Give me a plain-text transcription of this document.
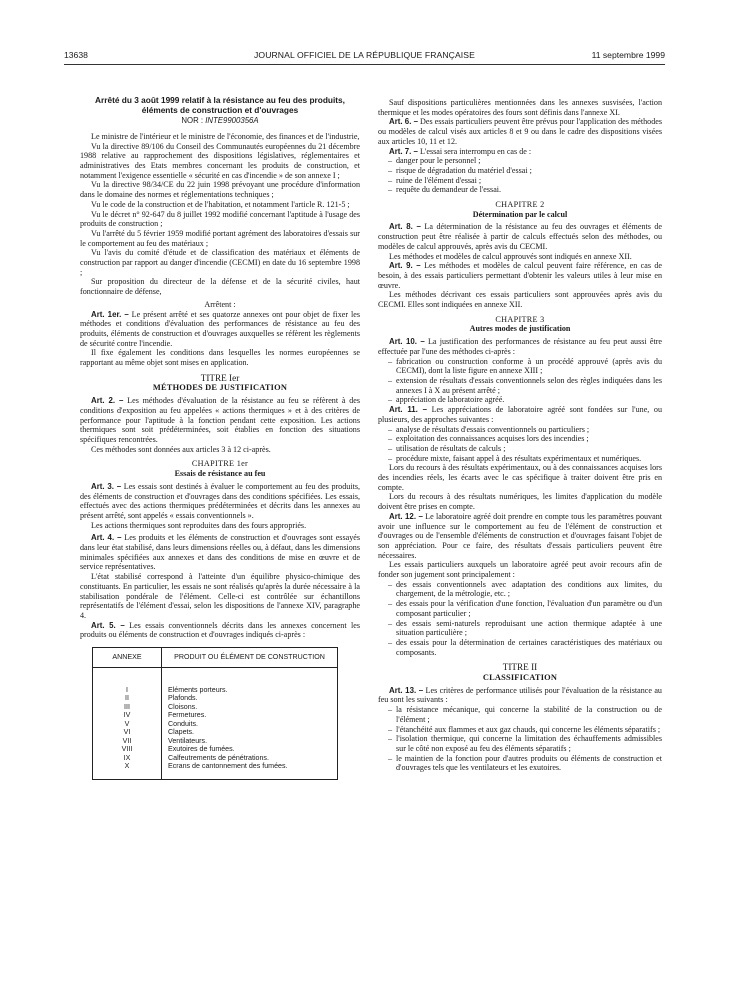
13638	JOURNAL OFFICIEL DE LA RÉPUBLIQUE FRANÇAISE	11 septembre 1999
Arrêté du 3 août 1999 relatif à la résistance au feu des produits, éléments de construction et d'ouvrages
NOR : INTE9900356A

Le ministre de l'intérieur et le ministre de l'économie, des finances et de l'industrie,

Vu la directive 89/106 du Conseil des Communautés européennes du 21 décembre 1988 relative au rapprochement des dispositions législatives, réglementaires et administratives des Etats membres concernant les produits de construction, et notamment l'exigence essentielle « sécurité en cas d'incendie » de son annexe I ;

Vu la directive 98/34/CE du 22 juin 1998 prévoyant une procédure d'information dans le domaine des normes et réglementations techniques ;

Vu le code de la construction et de l'habitation, et notamment l'article R. 121-5 ;

Vu le décret n° 92-647 du 8 juillet 1992 modifié concernant l'aptitude à l'usage des produits de construction ;

Vu l'arrêté du 5 février 1959 modifié portant agrément des laboratoires d'essais sur le comportement au feu des matériaux ;

Vu l'avis du comité d'étude et de classification des matériaux et éléments de construction par rapport au danger d'incendie (CECMI) en date du 16 septembre 1998 ;

Sur proposition du directeur de la défense et de la sécurité civiles, haut fonctionnaire de défense,

Arrêtent :

Art. 1er. – Le présent arrêté et ses quatorze annexes ont pour objet de fixer les méthodes et conditions d'évaluation des performances de résistance au feu des produits, éléments de construction et d'ouvrages auxquelles se réfèrent les règlements de sécurité contre l'incendie.

Il fixe également les conditions dans lesquelles les normes européennes se rapportant au même objet sont mises en application.

TITRE Ier
MÉTHODES DE JUSTIFICATION

Art. 2. – Les méthodes d'évaluation de la résistance au feu se réfèrent à des conditions d'exposition au feu appelées « actions thermiques » et à des critères de performance pour l'aptitude à la fonction pendant cette exposition. Les actions thermiques sont soit prédéterminées, soit établies en fonction des situations spécifiques rencontrées.

Ces méthodes sont données aux articles 3 à 12 ci-après.

CHAPITRE 1er
Essais de résistance au feu

Art. 3. – Les essais sont destinés à évaluer le comportement au feu des produits, des éléments de construction et d'ouvrages dans des conditions spécifiées. Les essais, effectués avec des actions thermiques prédéterminées et décrits dans les annexes au présent arrêté, sont appelés « essais conventionnels ».

Les actions thermiques sont reproduites dans des fours appropriés.

Art. 4. – Les produits et les éléments de construction et d'ouvrages sont essayés dans leur état stabilisé, dans leurs dimensions réelles ou, à défaut, dans les dimensions minimales spécifiées aux annexes et dans des conditions de mise en œuvre et de service représentatives.

L'état stabilisé correspond à l'atteinte d'un équilibre physico-chimique des constituants. En particulier, les essais ne sont réalisés qu'après la durée nécessaire à la stabilisation pondérale de l'élément. Celle-ci est contrôlée sur échantillons représentatifs de l'élément d'essai, selon les dispositions de l'annexe XIV, paragraphe 4.

Art. 5. – Les essais conventionnels décrits dans les annexes concernent les produits ou éléments de construction et d'ouvrages indiqués ci-après :

ANNEXE	PRODUIT OU ÉLÉMENT DE CONSTRUCTION
I	Eléments porteurs.
II	Plafonds.
III	Cloisons.
IV	Fermetures.
V	Conduits.
VI	Clapets.
VII	Ventilateurs.
VIII	Exutoires de fumées.
IX	Calfeutrements de pénétrations.
X	Ecrans de cantonnement des fumées.

Sauf dispositions particulières mentionnées dans les annexes susvisées, l'action thermique et les modes opératoires des fours sont définis dans l'annexe XI.

Art. 6. – Des essais particuliers peuvent être prévus pour l'application des méthodes ou modèles de calcul visés aux articles 8 et 9 ou dans le cadre des dispositions visées aux articles 10, 11 et 12.

Art. 7. – L'essai sera interrompu en cas de :

– danger pour le personnel ;
– risque de dégradation du matériel d'essai ;
– ruine de l'élément d'essai ;
– requête du demandeur de l'essai.
CHAPITRE 2
Détermination par le calcul

Art. 8. – La détermination de la résistance au feu des ouvrages et éléments de construction peut être réalisée à partir de calculs effectués selon des méthodes, ou modèles de calcul approuvés, après avis du CECMI.

Les méthodes et modèles de calcul approuvés sont indiqués en annexe XII.

Art. 9. – Les méthodes et modèles de calcul peuvent faire référence, en cas de besoin, à des essais particuliers permettant d'obtenir les valeurs utiles à leur mise en œuvre.

Les méthodes décrivant ces essais particuliers sont approuvées après avis du CECMI. Elles sont indiquées en annexe XII.

CHAPITRE 3
Autres modes de justification

Art. 10. – La justification des performances de résistance au feu peut aussi être effectuée par l'une des méthodes ci-après :

– fabrication ou construction conforme à un procédé approuvé (après avis du CECMI), dont la liste figure en annexe XIII ;
– extension de résultats d'essais conventionnels selon des règles indiquées dans les annexes I à X au présent arrêté ;
– appréciation de laboratoire agréé.

Art. 11. – Les appréciations de laboratoire agréé sont fondées sur l'une, ou plusieurs, des approches suivantes :

– analyse de résultats d'essais conventionnels ou particuliers ;
– exploitation des connaissances acquises lors des incendies ;
– utilisation de résultats de calculs ;
– procédure mixte, faisant appel à des résultats expérimentaux et numériques.

Lors du recours à des résultats expérimentaux, ou à des connaissances acquises lors des incendies réels, les écarts avec le cas spécifique à traiter doivent être pris en compte.

Lors du recours à des résultats numériques, les limites d'application du modèle doivent être prises en compte.

Art. 12. – Le laboratoire agréé doit prendre en compte tous les paramètres pouvant avoir une influence sur le comportement au feu de l'élément de construction et d'ouvrages ou de l'ensemble d'éléments de construction et d'ouvrages faisant l'objet de son appréciation. Pour ce faire, des résultats d'essais particuliers peuvent être nécessaires.

Les essais particuliers auxquels un laboratoire agréé peut avoir recours afin de fonder son jugement sont principalement :

– des essais conventionnels avec adaptation des conditions aux limites, du chargement, de la métrologie, etc. ;
– des essais pour la vérification d'une fonction, l'évaluation d'un paramètre ou d'un composant particulier ;
– des essais semi-naturels reproduisant une action thermique adaptée à une situation particulière ;
– des essais pour la détermination de certaines caractéristiques des matériaux ou composants.
TITRE II
CLASSIFICATION

Art. 13. – Les critères de performance utilisés pour l'évaluation de la résistance au feu sont les suivants :

– la résistance mécanique, qui concerne la stabilité de la construction ou de l'élément ;
– l'étanchéité aux flammes et aux gaz chauds, qui concerne les éléments séparatifs ;
– l'isolation thermique, qui concerne la limitation des échauffements admissibles sur le côté non exposé au feu des éléments séparatifs ;
– le maintien de la fonction pour d'autres produits ou éléments de construction et d'ouvrages tels que les ventilateurs et les exutoires.
